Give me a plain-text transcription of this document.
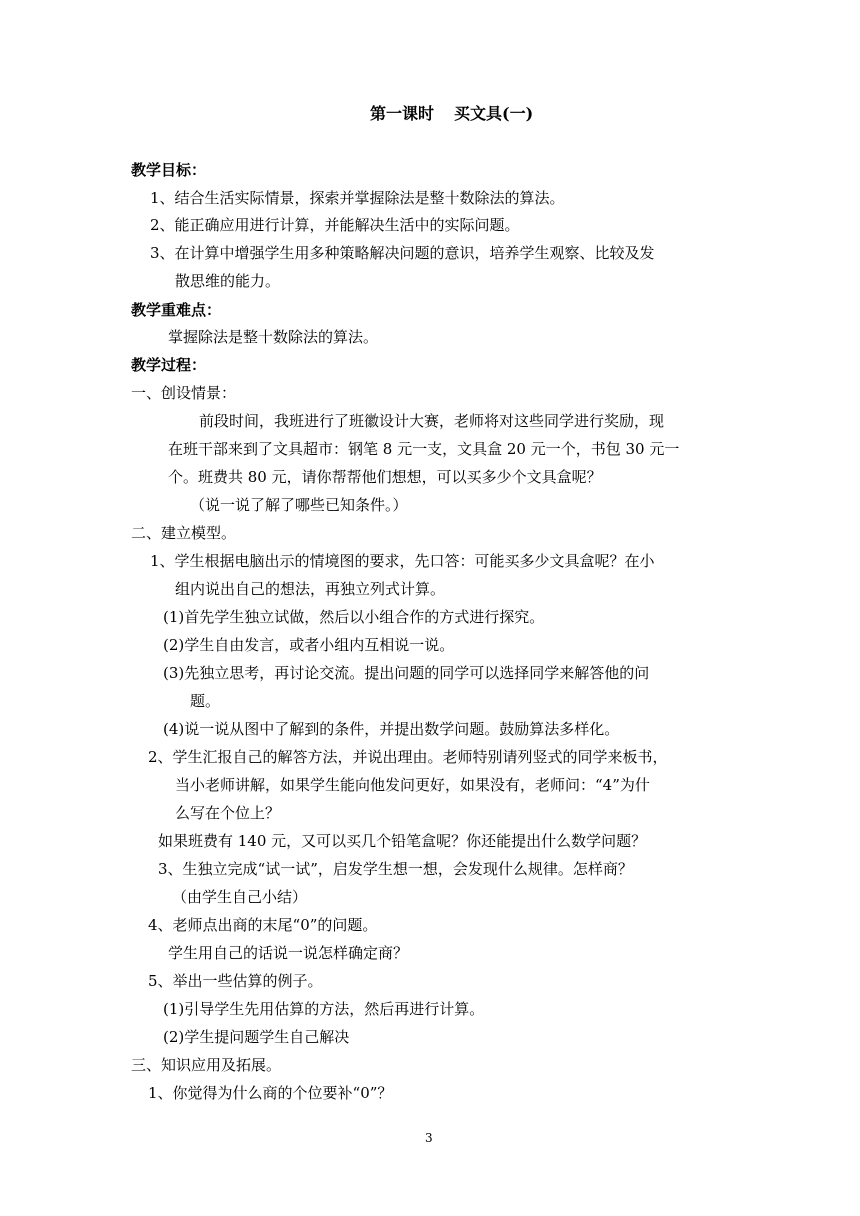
第一课时 买文具(一)
教学目标：
1、结合生活实际情景，探索并掌握除法是整十数除法的算法。
2、能正确应用进行计算，并能解决生活中的实际问题。
3、在计算中增强学生用多种策略解决问题的意识，培养学生观察、比较及发
散思维的能力。
教学重难点：
掌握除法是整十数除法的算法。
教学过程：
一、创设情景：
前段时间，我班进行了班徽设计大赛，老师将对这些同学进行奖励，现
在班干部来到了文具超市：钢笔 8 元一支，文具盒 20 元一个，书包 30 元一
个。班费共 80 元，请你帮帮他们想想，可以买多少个文具盒呢？
（说一说了解了哪些已知条件。）
二、建立模型。
1、学生根据电脑出示的情境图的要求，先口答：可能买多少文具盒呢？在小
组内说出自己的想法，再独立列式计算。
(1)首先学生独立试做，然后以小组合作的方式进行探究。
(2)学生自由发言，或者小组内互相说一说。
(3)先独立思考，再讨论交流。提出问题的同学可以选择同学来解答他的问
题。
(4)说一说从图中了解到的条件，并提出数学问题。鼓励算法多样化。
2、学生汇报自己的解答方法，并说出理由。老师特别请列竖式的同学来板书，
当小老师讲解，如果学生能向他发问更好，如果没有，老师问：“4”为什
么写在个位上？
如果班费有 140 元，又可以买几个铅笔盒呢？你还能提出什么数学问题？
3、生独立完成“试一试”，启发学生想一想，会发现什么规律。怎样商？
（由学生自己小结）
4、老师点出商的末尾“0”的问题。
学生用自己的话说一说怎样确定商？
5、举出一些估算的例子。
(1)引导学生先用估算的方法，然后再进行计算。
(2)学生提问题学生自己解决
三、知识应用及拓展。
1、你觉得为什么商的个位要补“0”？
3
